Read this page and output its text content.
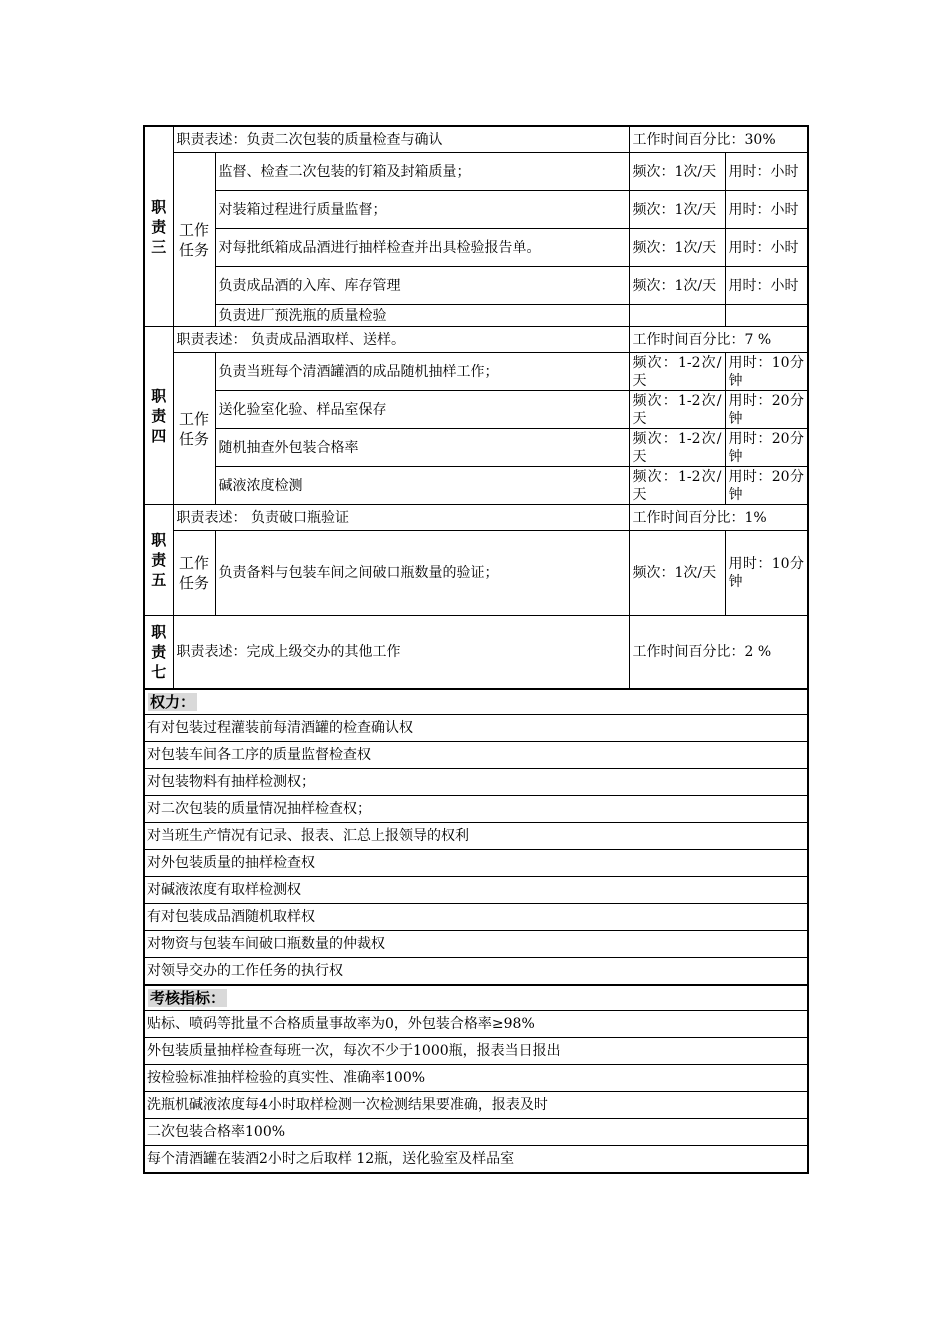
职责三	职责表述：负责二次包装的质量检查与确认		工作时间百分比：30%	

	工作任务	监督、检查二次包装的钉箱及封箱质量；	频次：1次/天	用时：小时
		对装箱过程进行质量监督；	频次：1次/天	用时：小时
		对每批纸箱成品酒进行抽样检查并出具检验报告单。	频次：1次/天	用时：小时
		负责成品酒的入库、库存管理	频次：1次/天	用时：小时
		负责进厂预洗瓶的质量检验		

职责四	职责表述： 负责成品酒取样、送样。		工作时间百分比：7 %	

	工作任务	负责当班每个清酒罐酒的成品随机抽样工作；	频次：1-2次/天	用时：10分钟
		送化验室化验、样品室保存	频次：1-2次/天	用时：20分钟
		随机抽查外包装合格率	频次：1-2次/天	用时：20分钟
		碱液浓度检测	频次：1-2次/天	用时：20分钟

职责五	职责表述： 负责破口瓶验证		工作时间百分比：1%	

	工作任务	负责备料与包装车间之间破口瓶数量的验证；	频次：1次/天	用时：10分钟

职责七	职责表述：完成上级交办的其他工作		工作时间百分比：2 %	
权力：				
有对包装过程灌装前每清酒罐的检查确认权				
对包装车间各工序的质量监督检查权				
对包装物料有抽样检测权；				
对二次包装的质量情况抽样检查权；				
对当班生产情况有记录、报表、汇总上报领导的权利				
对外包装质量的抽样检查权				
对碱液浓度有取样检测权				
有对包装成品酒随机取样权				
对物资与包装车间破口瓶数量的仲裁权				
对领导交办的工作任务的执行权				
考核指标：				
贴标、喷码等批量不合格质量事故率为0，外包装合格率≥98%				
外包装质量抽样检查每班一次，每次不少于1000瓶，报表当日报出				
按检验标准抽样检验的真实性、准确率100%				
洗瓶机碱液浓度每4小时取样检测一次检测结果要准确，报表及时				
二次包装合格率100%				
每个清酒罐在装酒2小时之后取样 12瓶，送化验室及样品室				
